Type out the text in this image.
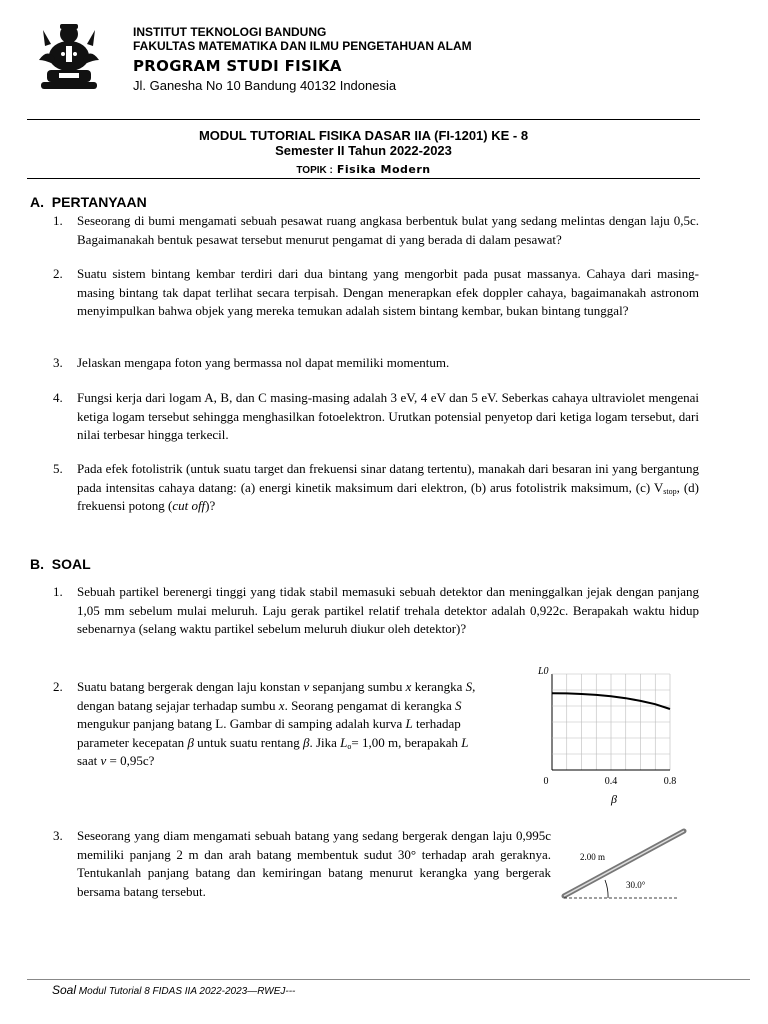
INSTITUT TEKNOLOGI BANDUNG
FAKULTAS MATEMATIKA DAN ILMU PENGETAHUAN ALAM
PROGRAM STUDI FISIKA
Jl. Ganesha No 10 Bandung 40132 Indonesia
MODUL TUTORIAL FISIKA DASAR IIA (FI-1201) KE - 8
Semester II Tahun 2022-2023
TOPIK : Fisika Modern
A. PERTANYAAN
1. Seseorang di bumi mengamati sebuah pesawat ruang angkasa berbentuk bulat yang sedang melintas dengan laju 0,5c. Bagaimanakah bentuk pesawat tersebut menurut pengamat di yang berada di dalam pesawat?
2. Suatu sistem bintang kembar terdiri dari dua bintang yang mengorbit pada pusat massanya. Cahaya dari masing-masing bintang tak dapat terlihat secara terpisah. Dengan menerapkan efek doppler cahaya, bagaimanakah astronom menyimpulkan bahwa objek yang mereka temukan adalah sistem bintang kembar, bukan bintang tunggal?
3. Jelaskan mengapa foton yang bermassa nol dapat memiliki momentum.
4. Fungsi kerja dari logam A, B, dan C masing-masing adalah 3 eV, 4 eV dan 5 eV. Seberkas cahaya ultraviolet mengenai ketiga logam tersebut sehingga menghasilkan fotoelektron. Urutkan potensial penyetop dari ketiga logam tersebut, dari nilai terbesar hingga terkecil.
5. Pada efek fotolistrik (untuk suatu target dan frekuensi sinar datang tertentu), manakah dari besaran ini yang bergantung pada intensitas cahaya datang: (a) energi kinetik maksimum dari elektron, (b) arus fotolistrik maksimum, (c) $V_{stop}$, (d) frekuensi potong (cut off)?
B. SOAL
1. Sebuah partikel berenergi tinggi yang tidak stabil memasuki sebuah detektor dan meninggalkan jejak dengan panjang 1,05 mm sebelum mulai meluruh. Laju gerak partikel relatif trehala detektor adalah 0,922c. Berapakah waktu hidup sebenarnya (selang waktu partikel sebelum meluruh diukur oleh detektor)?
2. Suatu batang bergerak dengan laju konstan v sepanjang sumbu x kerangka S,
dengan batang sejajar terhadap sumbu x. Seorang pengamat di kerangka S
mengukur panjang batang L. Gambar di samping adalah kurva L terhadap
parameter kecepatan β untuk suatu rentang β. Jika $L_o= 1,00$ m, berapakah L
saat v = 0,95c?
3. Seseorang yang diam mengamati sebuah batang yang sedang bergerak dengan laju 0,995c memiliki panjang 2 m dan arah batang membentuk sudut 30° terhadap arah geraknya. Tentukanlah panjang batang dan kemiringan batang menurut kerangka yang bergerak bersama batang tersebut.
L0
0	0.4	0.8
β
2.00 m
30.0°
Soal Modul Tutorial 8 FIDAS IIA 2022-2023—RWEJ---
